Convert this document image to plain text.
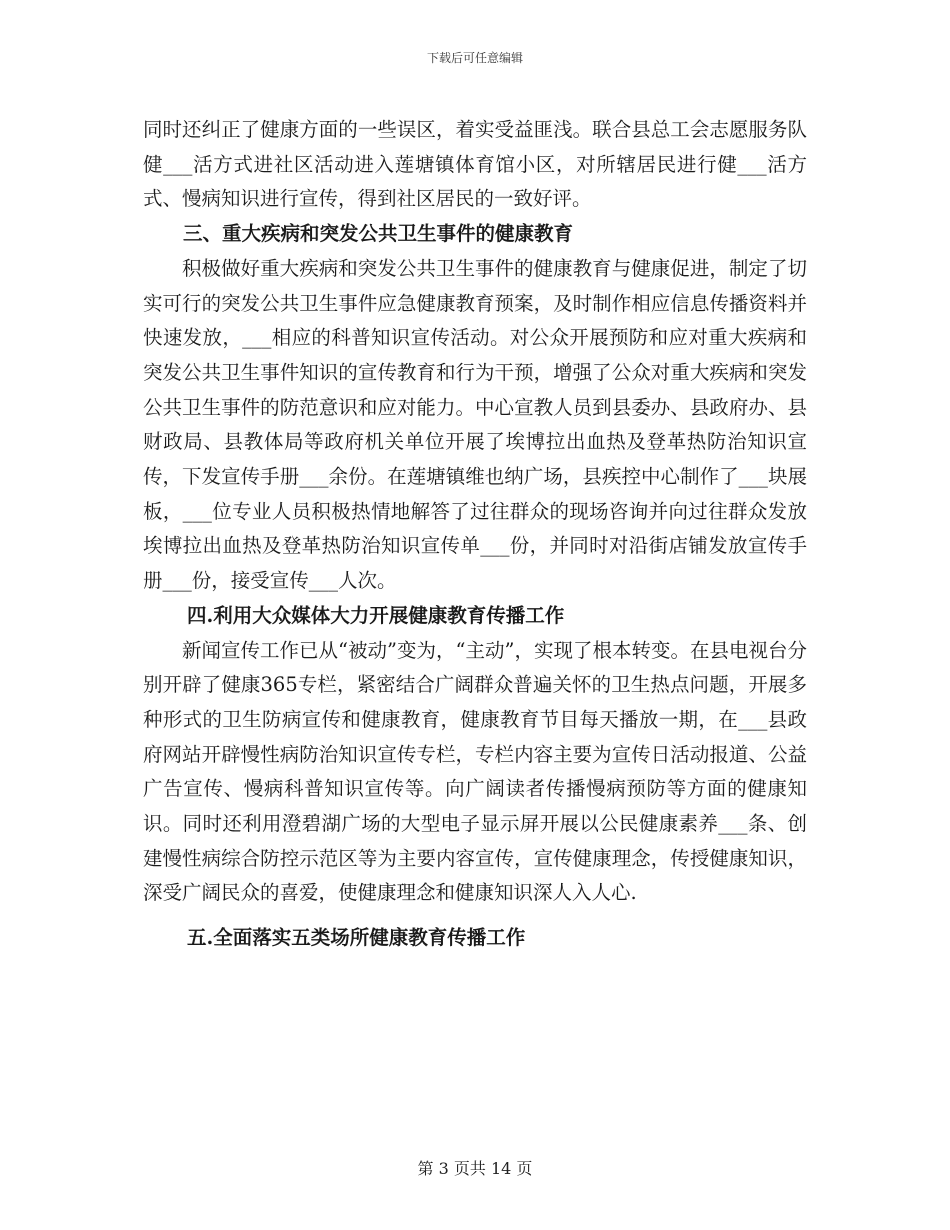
下载后可任意编辑

同时还纠正了健康方面的一些误区，着实受益匪浅。联合县总工会志愿服务队健___活方式进社区活动进入莲塘镇体育馆小区，对所辖居民进行健___活方式、慢病知识进行宣传，得到社区居民的一致好评。

三、重大疾病和突发公共卫生事件的健康教育

积极做好重大疾病和突发公共卫生事件的健康教育与健康促进，制定了切实可行的突发公共卫生事件应急健康教育预案，及时制作相应信息传播资料并快速发放，___相应的科普知识宣传活动。对公众开展预防和应对重大疾病和突发公共卫生事件知识的宣传教育和行为干预，增强了公众对重大疾病和突发公共卫生事件的防范意识和应对能力。中心宣教人员到县委办、县政府办、县财政局、县教体局等政府机关单位开展了埃博拉出血热及登革热防治知识宣传，下发宣传手册___余份。在莲塘镇维也纳广场，县疾控中心制作了___块展板，___位专业人员积极热情地解答了过往群众的现场咨询并向过往群众发放埃博拉出血热及登革热防治知识宣传单___份，并同时对沿街店铺发放宣传手册___份，接受宣传___人次。

四.利用大众媒体大力开展健康教育传播工作

新闻宣传工作已从“被动”变为，“主动”，实现了根本转变。在县电视台分别开辟了健康365专栏，紧密结合广阔群众普遍关怀的卫生热点问题，开展多种形式的卫生防病宣传和健康教育，健康教育节目每天播放一期，在___县政府网站开辟慢性病防治知识宣传专栏，专栏内容主要为宣传日活动报道、公益广告宣传、慢病科普知识宣传等。向广阔读者传播慢病预防等方面的健康知识。同时还利用澄碧湖广场的大型电子显示屏开展以公民健康素养___条、创建慢性病综合防控示范区等为主要内容宣传，宣传健康理念，传授健康知识，深受广阔民众的喜爱，使健康理念和健康知识深人入人心.

五.全面落实五类场所健康教育传播工作

第 3 页共 14 页
